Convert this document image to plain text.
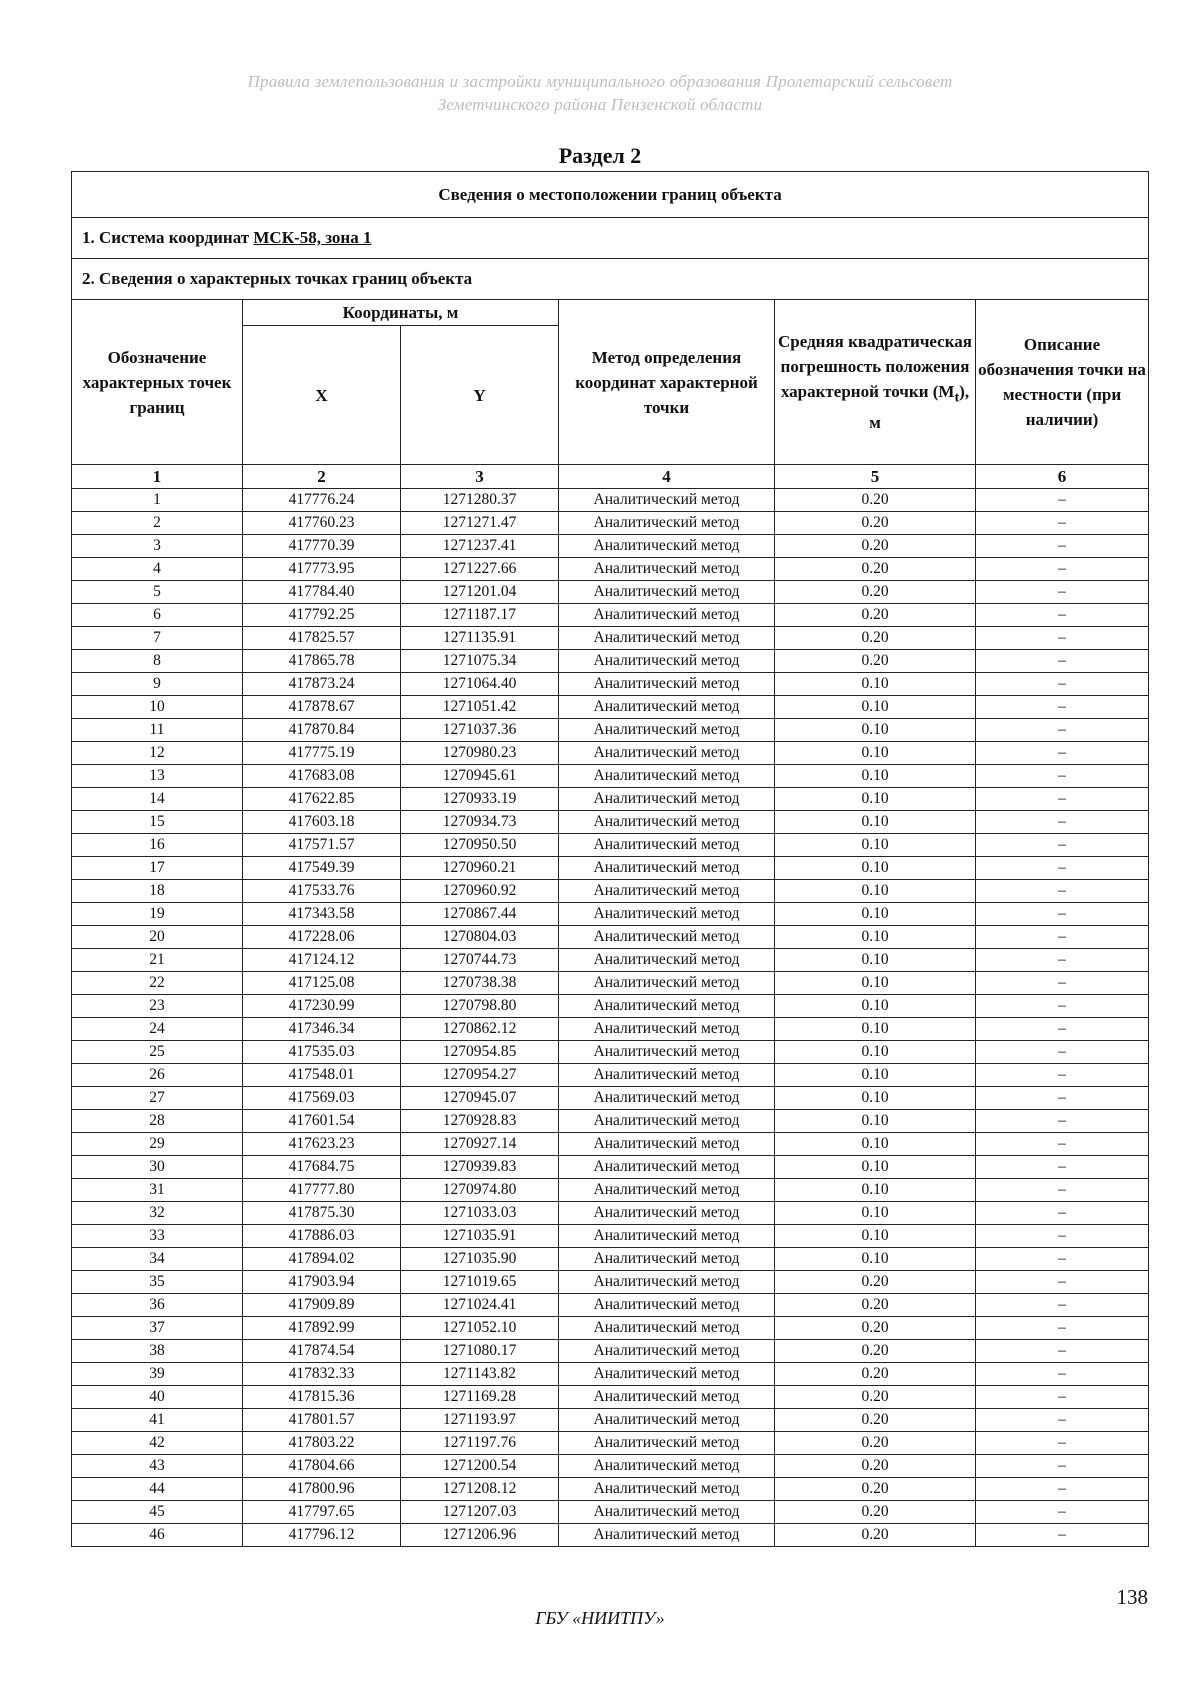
Правила землепользования и застройки муниципального образования Пролетарский сельсовет
Земетчинского района Пензенской области
Раздел 2
Сведения о местоположении границ объекта					
1. Система координат МСК-58, зона 1					
2. Сведения о характерных точках границ объекта					
Обозначение характерных точек границ	Координаты, м		Метод определения координат характерной точки	Средняя квадратическая погрешность положения характерной точки $(M_t)$, м	Описание обозначения точки на местности (при наличии)
	X	Y			
1	2	3	4	5	6
1	417776.24	1271280.37	Аналитический метод	0.20	–
2	417760.23	1271271.47	Аналитический метод	0.20	–
3	417770.39	1271237.41	Аналитический метод	0.20	–
4	417773.95	1271227.66	Аналитический метод	0.20	–
5	417784.40	1271201.04	Аналитический метод	0.20	–
6	417792.25	1271187.17	Аналитический метод	0.20	–
7	417825.57	1271135.91	Аналитический метод	0.20	–
8	417865.78	1271075.34	Аналитический метод	0.20	–
9	417873.24	1271064.40	Аналитический метод	0.10	–
10	417878.67	1271051.42	Аналитический метод	0.10	–
11	417870.84	1271037.36	Аналитический метод	0.10	–
12	417775.19	1270980.23	Аналитический метод	0.10	–
13	417683.08	1270945.61	Аналитический метод	0.10	–
14	417622.85	1270933.19	Аналитический метод	0.10	–
15	417603.18	1270934.73	Аналитический метод	0.10	–
16	417571.57	1270950.50	Аналитический метод	0.10	–
17	417549.39	1270960.21	Аналитический метод	0.10	–
18	417533.76	1270960.92	Аналитический метод	0.10	–
19	417343.58	1270867.44	Аналитический метод	0.10	–
20	417228.06	1270804.03	Аналитический метод	0.10	–
21	417124.12	1270744.73	Аналитический метод	0.10	–
22	417125.08	1270738.38	Аналитический метод	0.10	–
23	417230.99	1270798.80	Аналитический метод	0.10	–
24	417346.34	1270862.12	Аналитический метод	0.10	–
25	417535.03	1270954.85	Аналитический метод	0.10	–
26	417548.01	1270954.27	Аналитический метод	0.10	–
27	417569.03	1270945.07	Аналитический метод	0.10	–
28	417601.54	1270928.83	Аналитический метод	0.10	–
29	417623.23	1270927.14	Аналитический метод	0.10	–
30	417684.75	1270939.83	Аналитический метод	0.10	–
31	417777.80	1270974.80	Аналитический метод	0.10	–
32	417875.30	1271033.03	Аналитический метод	0.10	–
33	417886.03	1271035.91	Аналитический метод	0.10	–
34	417894.02	1271035.90	Аналитический метод	0.10	–
35	417903.94	1271019.65	Аналитический метод	0.20	–
36	417909.89	1271024.41	Аналитический метод	0.20	–
37	417892.99	1271052.10	Аналитический метод	0.20	–
38	417874.54	1271080.17	Аналитический метод	0.20	–
39	417832.33	1271143.82	Аналитический метод	0.20	–
40	417815.36	1271169.28	Аналитический метод	0.20	–
41	417801.57	1271193.97	Аналитический метод	0.20	–
42	417803.22	1271197.76	Аналитический метод	0.20	–
43	417804.66	1271200.54	Аналитический метод	0.20	–
44	417800.96	1271208.12	Аналитический метод	0.20	–
45	417797.65	1271207.03	Аналитический метод	0.20	–
46	417796.12	1271206.96	Аналитический метод	0.20	–
138
ГБУ «НИИТПУ»
